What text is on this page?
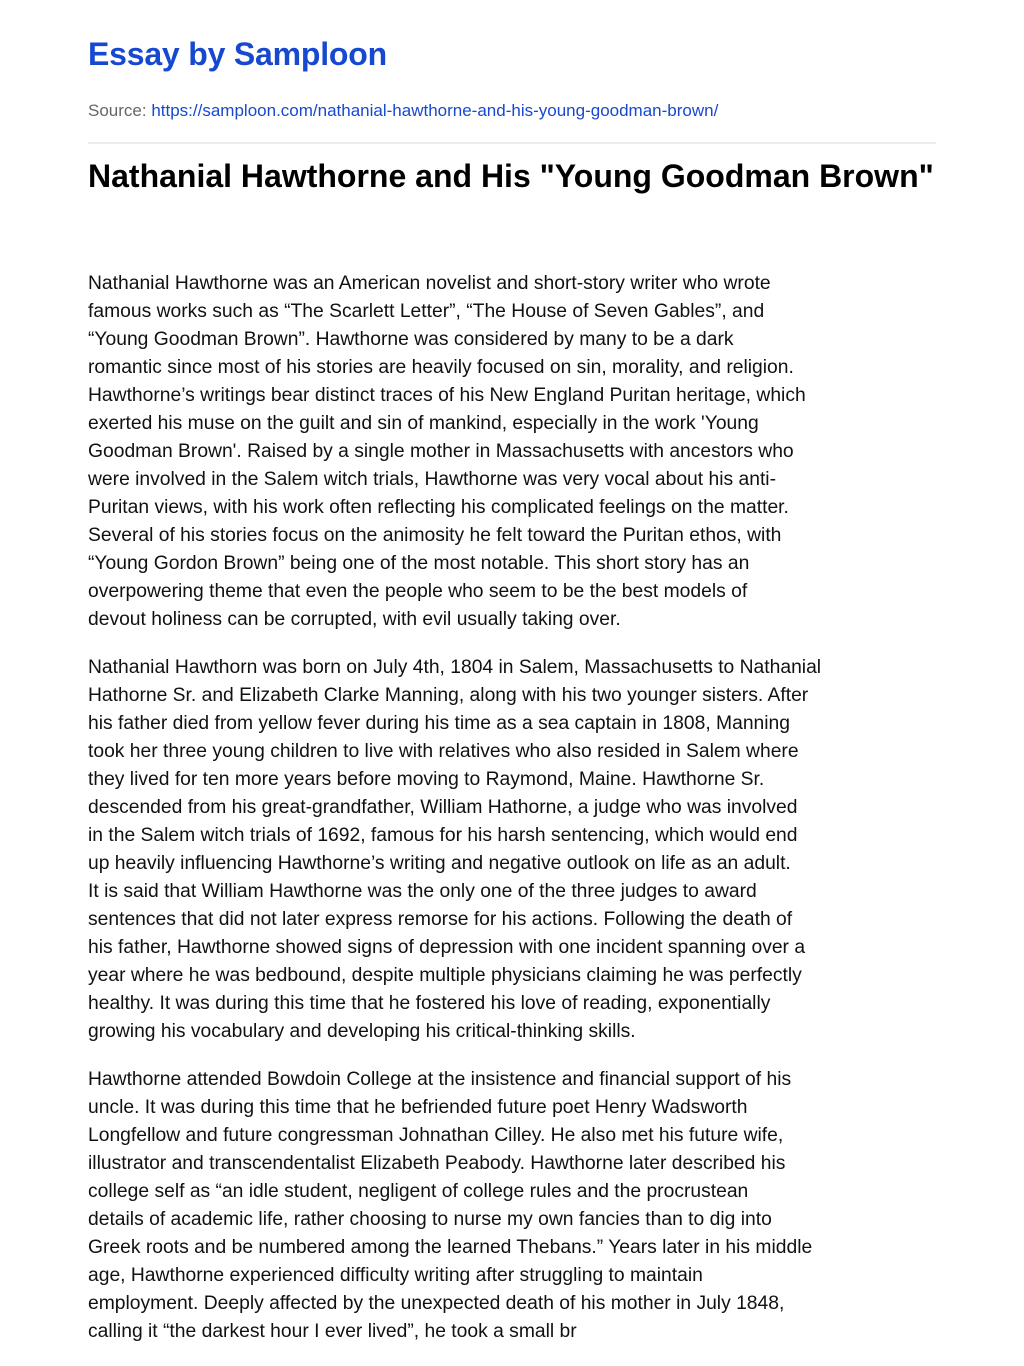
Essay by Samploon
Source: https://samploon.com/nathanial-hawthorne-and-his-young-goodman-brown/
Nathanial Hawthorne and His "Young Goodman Brown"

Nathanial Hawthorne was an American novelist and short-story writer who wrote
famous works such as “The Scarlett Letter”, “The House of Seven Gables”, and
“Young Goodman Brown”. Hawthorne was considered by many to be a dark
romantic since most of his stories are heavily focused on sin, morality, and religion.
Hawthorne’s writings bear distinct traces of his New England Puritan heritage, which
exerted his muse on the guilt and sin of mankind, especially in the work 'Young
Goodman Brown'. Raised by a single mother in Massachusetts with ancestors who
were involved in the Salem witch trials, Hawthorne was very vocal about his anti-
Puritan views, with his work often reflecting his complicated feelings on the matter.
Several of his stories focus on the animosity he felt toward the Puritan ethos, with
“Young Gordon Brown” being one of the most notable. This short story has an
overpowering theme that even the people who seem to be the best models of
devout holiness can be corrupted, with evil usually taking over.

Nathanial Hawthorn was born on July 4th, 1804 in Salem, Massachusetts to Nathanial
Hathorne Sr. and Elizabeth Clarke Manning, along with his two younger sisters. After
his father died from yellow fever during his time as a sea captain in 1808, Manning
took her three young children to live with relatives who also resided in Salem where
they lived for ten more years before moving to Raymond, Maine. Hawthorne Sr.
descended from his great-grandfather, William Hathorne, a judge who was involved
in the Salem witch trials of 1692, famous for his harsh sentencing, which would end
up heavily influencing Hawthorne’s writing and negative outlook on life as an adult.
It is said that William Hawthorne was the only one of the three judges to award
sentences that did not later express remorse for his actions. Following the death of
his father, Hawthorne showed signs of depression with one incident spanning over a
year where he was bedbound, despite multiple physicians claiming he was perfectly
healthy. It was during this time that he fostered his love of reading, exponentially
growing his vocabulary and developing his critical-thinking skills.

Hawthorne attended Bowdoin College at the insistence and financial support of his
uncle. It was during this time that he befriended future poet Henry Wadsworth
Longfellow and future congressman Johnathan Cilley. He also met his future wife,
illustrator and transcendentalist Elizabeth Peabody. Hawthorne later described his
college self as “an idle student, negligent of college rules and the procrustean
details of academic life, rather choosing to nurse my own fancies than to dig into
Greek roots and be numbered among the learned Thebans.” Years later in his middle
age, Hawthorne experienced difficulty writing after struggling to maintain
employment. Deeply affected by the unexpected death of his mother in July 1848,
calling it “the darkest hour I ever lived”, he took a small br
